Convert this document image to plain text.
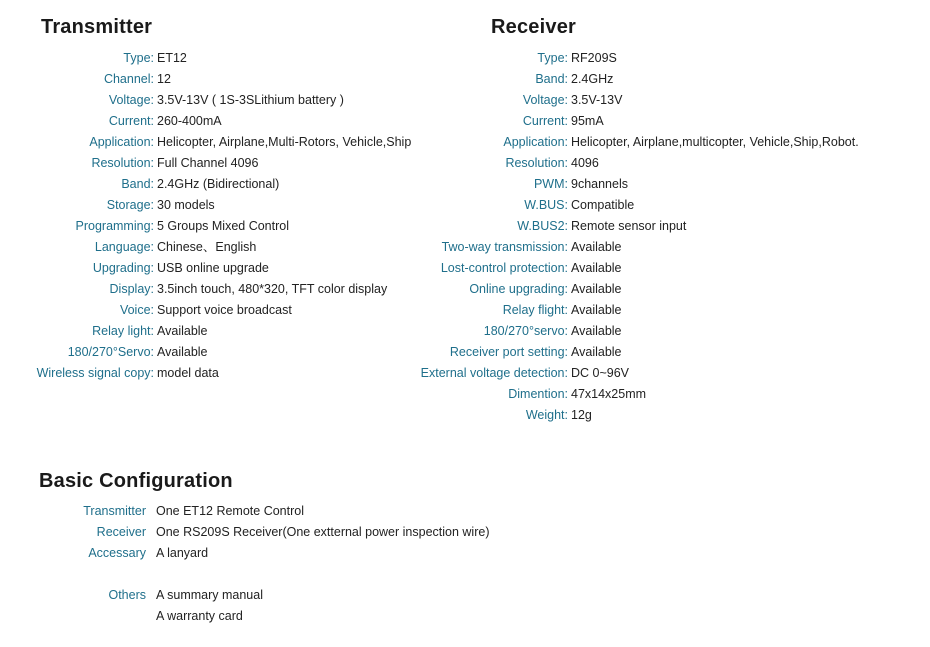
Transmitter
Type: ET12
Channel: 12
Voltage: 3.5V-13V ( 1S-3SLithium battery )
Current: 260-400mA
Application: Helicopter, Airplane,Multi-Rotors, Vehicle,Ship
Resolution: Full Channel 4096
Band: 2.4GHz (Bidirectional)
Storage: 30 models
Programming: 5 Groups Mixed Control
Language: Chinese、English
Upgrading: USB online upgrade
Display: 3.5inch touch, 480*320, TFT color display
Voice: Support voice broadcast
Relay light: Available
180/270°Servo: Available
Wireless signal copy: model data
Receiver
Type: RF209S
Band: 2.4GHz
Voltage: 3.5V-13V
Current: 95mA
Application: Helicopter, Airplane,multicopter, Vehicle,Ship,Robot.
Resolution: 4096
PWM: 9channels
W.BUS: Compatible
W.BUS2: Remote sensor input
Two-way transmission: Available
Lost-control protection: Available
Online upgrading: Available
Relay flight: Available
180/270°servo: Available
Receiver port setting: Available
External voltage detection: DC 0~96V
Dimention: 47x14x25mm
Weight: 12g
Basic Configuration
Transmitter One ET12 Remote Control
Receiver One RS209S Receiver(One extternal power inspection wire)
Accessary A lanyard
Others A summary manual
A warranty card
